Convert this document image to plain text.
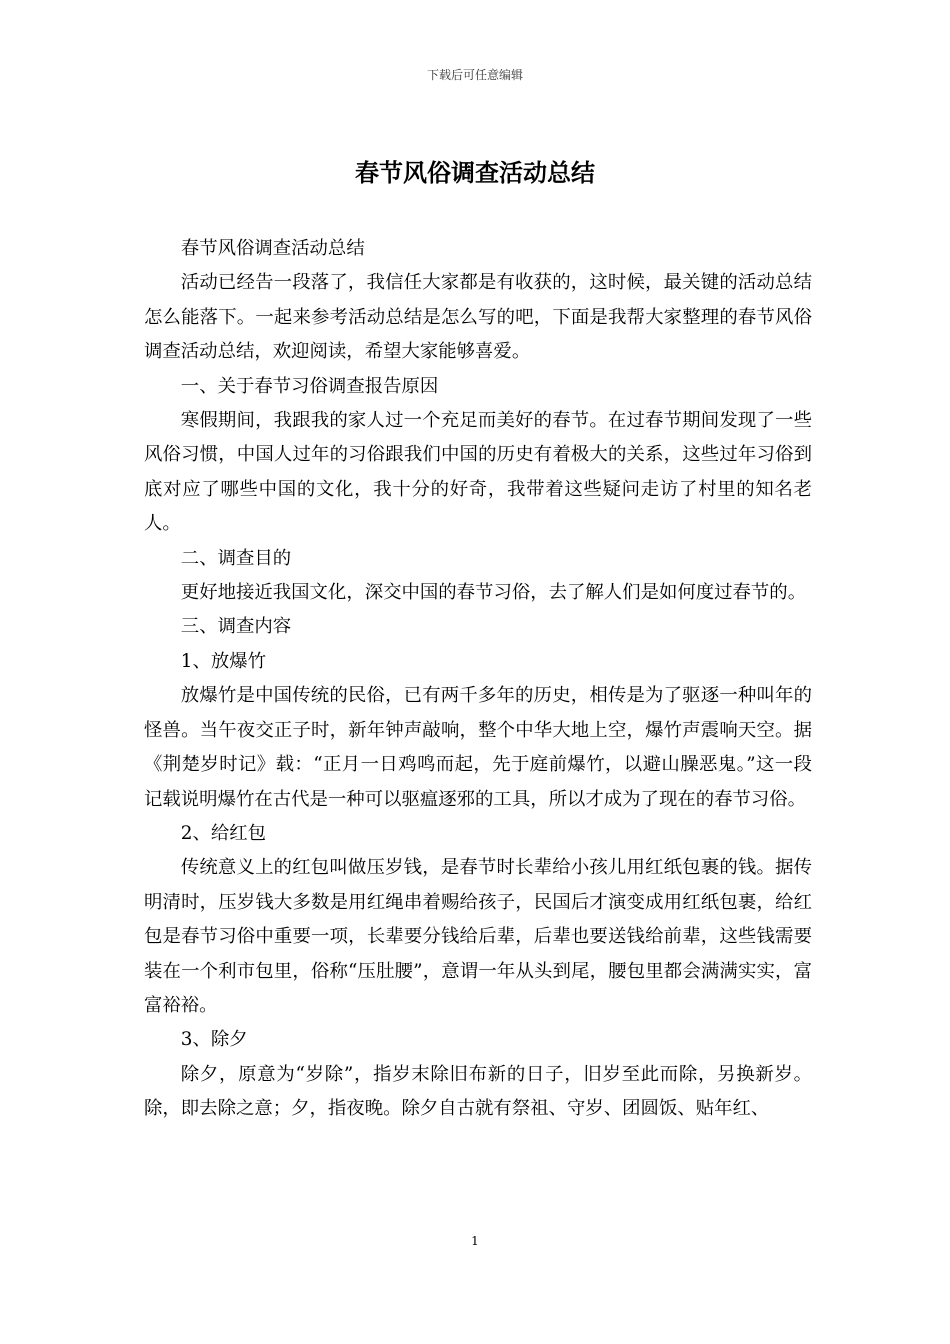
下载后可任意编辑
春节风俗调查活动总结

春节风俗调查活动总结

活动已经告一段落了，我信任大家都是有收获的，这时候，最关键的活动总结怎么能落下。一起来参考活动总结是怎么写的吧，下面是我帮大家整理的春节风俗调查活动总结，欢迎阅读，希望大家能够喜爱。

一、关于春节习俗调查报告原因

寒假期间，我跟我的家人过一个充足而美好的春节。在过春节期间发现了一些风俗习惯，中国人过年的习俗跟我们中国的历史有着极大的关系，这些过年习俗到底对应了哪些中国的文化，我十分的好奇，我带着这些疑问走访了村里的知名老人。

二、调查目的

更好地接近我国文化，深交中国的春节习俗，去了解人们是如何度过春节的。

三、调查内容

1、放爆竹

放爆竹是中国传统的民俗，已有两千多年的历史，相传是为了驱逐一种叫年的怪兽。当午夜交正子时，新年钟声敲响，整个中华大地上空，爆竹声震响天空。据《荆楚岁时记》载：“正月一日鸡鸣而起，先于庭前爆竹，以避山臊恶鬼。”这一段记载说明爆竹在古代是一种可以驱瘟逐邪的工具，所以才成为了现在的春节习俗。

2、给红包

传统意义上的红包叫做压岁钱，是春节时长辈给小孩儿用红纸包裹的钱。据传明清时，压岁钱大多数是用红绳串着赐给孩子，民国后才演变成用红纸包裹，给红包是春节习俗中重要一项，长辈要分钱给后辈，后辈也要送钱给前辈，这些钱需要装在一个利市包里，俗称“压肚腰”，意谓一年从头到尾，腰包里都会满满实实，富富裕裕。

3、除夕

除夕，原意为“岁除”，指岁末除旧布新的日子，旧岁至此而除，另换新岁。除，即去除之意；夕，指夜晚。除夕自古就有祭祖、守岁、团圆饭、贴年红、

1
